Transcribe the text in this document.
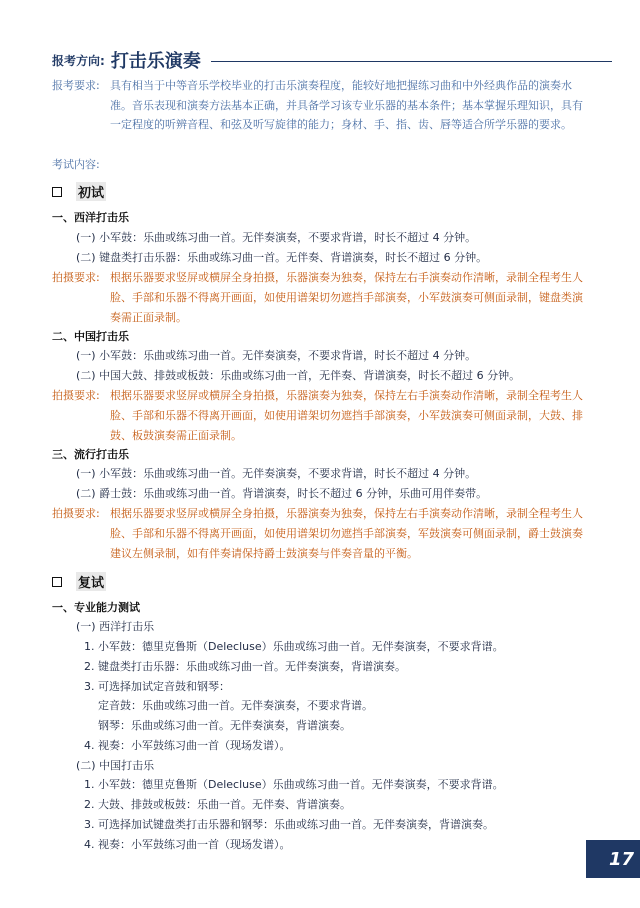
报考方向: 打击乐演奏
报考要求: 具有相当于中等音乐学校毕业的打击乐演奏程度，能较好地把握练习曲和中外经典作品的演奏水准。音乐表现和演奏方法基本正确，并具备学习该专业乐器的基本条件；基本掌握乐理知识，具有一定程度的听辨音程、和弦及听写旋律的能力；身材、手、指、齿、唇等适合所学乐器的要求。
考试内容:
初试
一、西洋打击乐
(一) 小军鼓：乐曲或练习曲一首。无伴奏演奏，不要求背谱，时长不超过 4 分钟。
(二) 键盘类打击乐器：乐曲或练习曲一首。无伴奏、背谱演奏，时长不超过 6 分钟。
拍摄要求: 根据乐器要求竖屏或横屏全身拍摄，乐器演奏为独奏，保持左右手演奏动作清晰，录制全程考生人脸、手部和乐器不得离开画面，如使用谱架切勿遮挡手部演奏，小军鼓演奏可侧面录制，键盘类演奏需正面录制。
二、中国打击乐
(一) 小军鼓：乐曲或练习曲一首。无伴奏演奏，不要求背谱，时长不超过 4 分钟。
(二) 中国大鼓、排鼓或板鼓：乐曲或练习曲一首，无伴奏、背谱演奏，时长不超过 6 分钟。
拍摄要求: 根据乐器要求竖屏或横屏全身拍摄，乐器演奏为独奏，保持左右手演奏动作清晰，录制全程考生人脸、手部和乐器不得离开画面，如使用谱架切勿遮挡手部演奏，小军鼓演奏可侧面录制，大鼓、排鼓、板鼓演奏需正面录制。
三、流行打击乐
(一) 小军鼓：乐曲或练习曲一首。无伴奏演奏，不要求背谱，时长不超过 4 分钟。
(二) 爵士鼓：乐曲或练习曲一首。背谱演奏，时长不超过 6 分钟，乐曲可用伴奏带。
拍摄要求: 根据乐器要求竖屏或横屏全身拍摄，乐器演奏为独奏，保持左右手演奏动作清晰，录制全程考生人脸、手部和乐器不得离开画面，如使用谱架切勿遮挡手部演奏，军鼓演奏可侧面录制，爵士鼓演奏建议左侧录制，如有伴奏请保持爵士鼓演奏与伴奏音量的平衡。
复试
一、专业能力测试
(一) 西洋打击乐
1. 小军鼓：德里克鲁斯（Delecluse）乐曲或练习曲一首。无伴奏演奏，不要求背谱。
2. 键盘类打击乐器：乐曲或练习曲一首。无伴奏演奏，背谱演奏。
3. 可选择加试定音鼓和钢琴：
定音鼓：乐曲或练习曲一首。无伴奏演奏，不要求背谱。
钢琴：乐曲或练习曲一首。无伴奏演奏，背谱演奏。
4. 视奏：小军鼓练习曲一首（现场发谱）。
(二) 中国打击乐
1. 小军鼓：德里克鲁斯（Delecluse）乐曲或练习曲一首。无伴奏演奏，不要求背谱。
2. 大鼓、排鼓或板鼓：乐曲一首。无伴奏、背谱演奏。
3. 可选择加试键盘类打击乐器和钢琴：乐曲或练习曲一首。无伴奏演奏，背谱演奏。
4. 视奏：小军鼓练习曲一首（现场发谱）。
17
